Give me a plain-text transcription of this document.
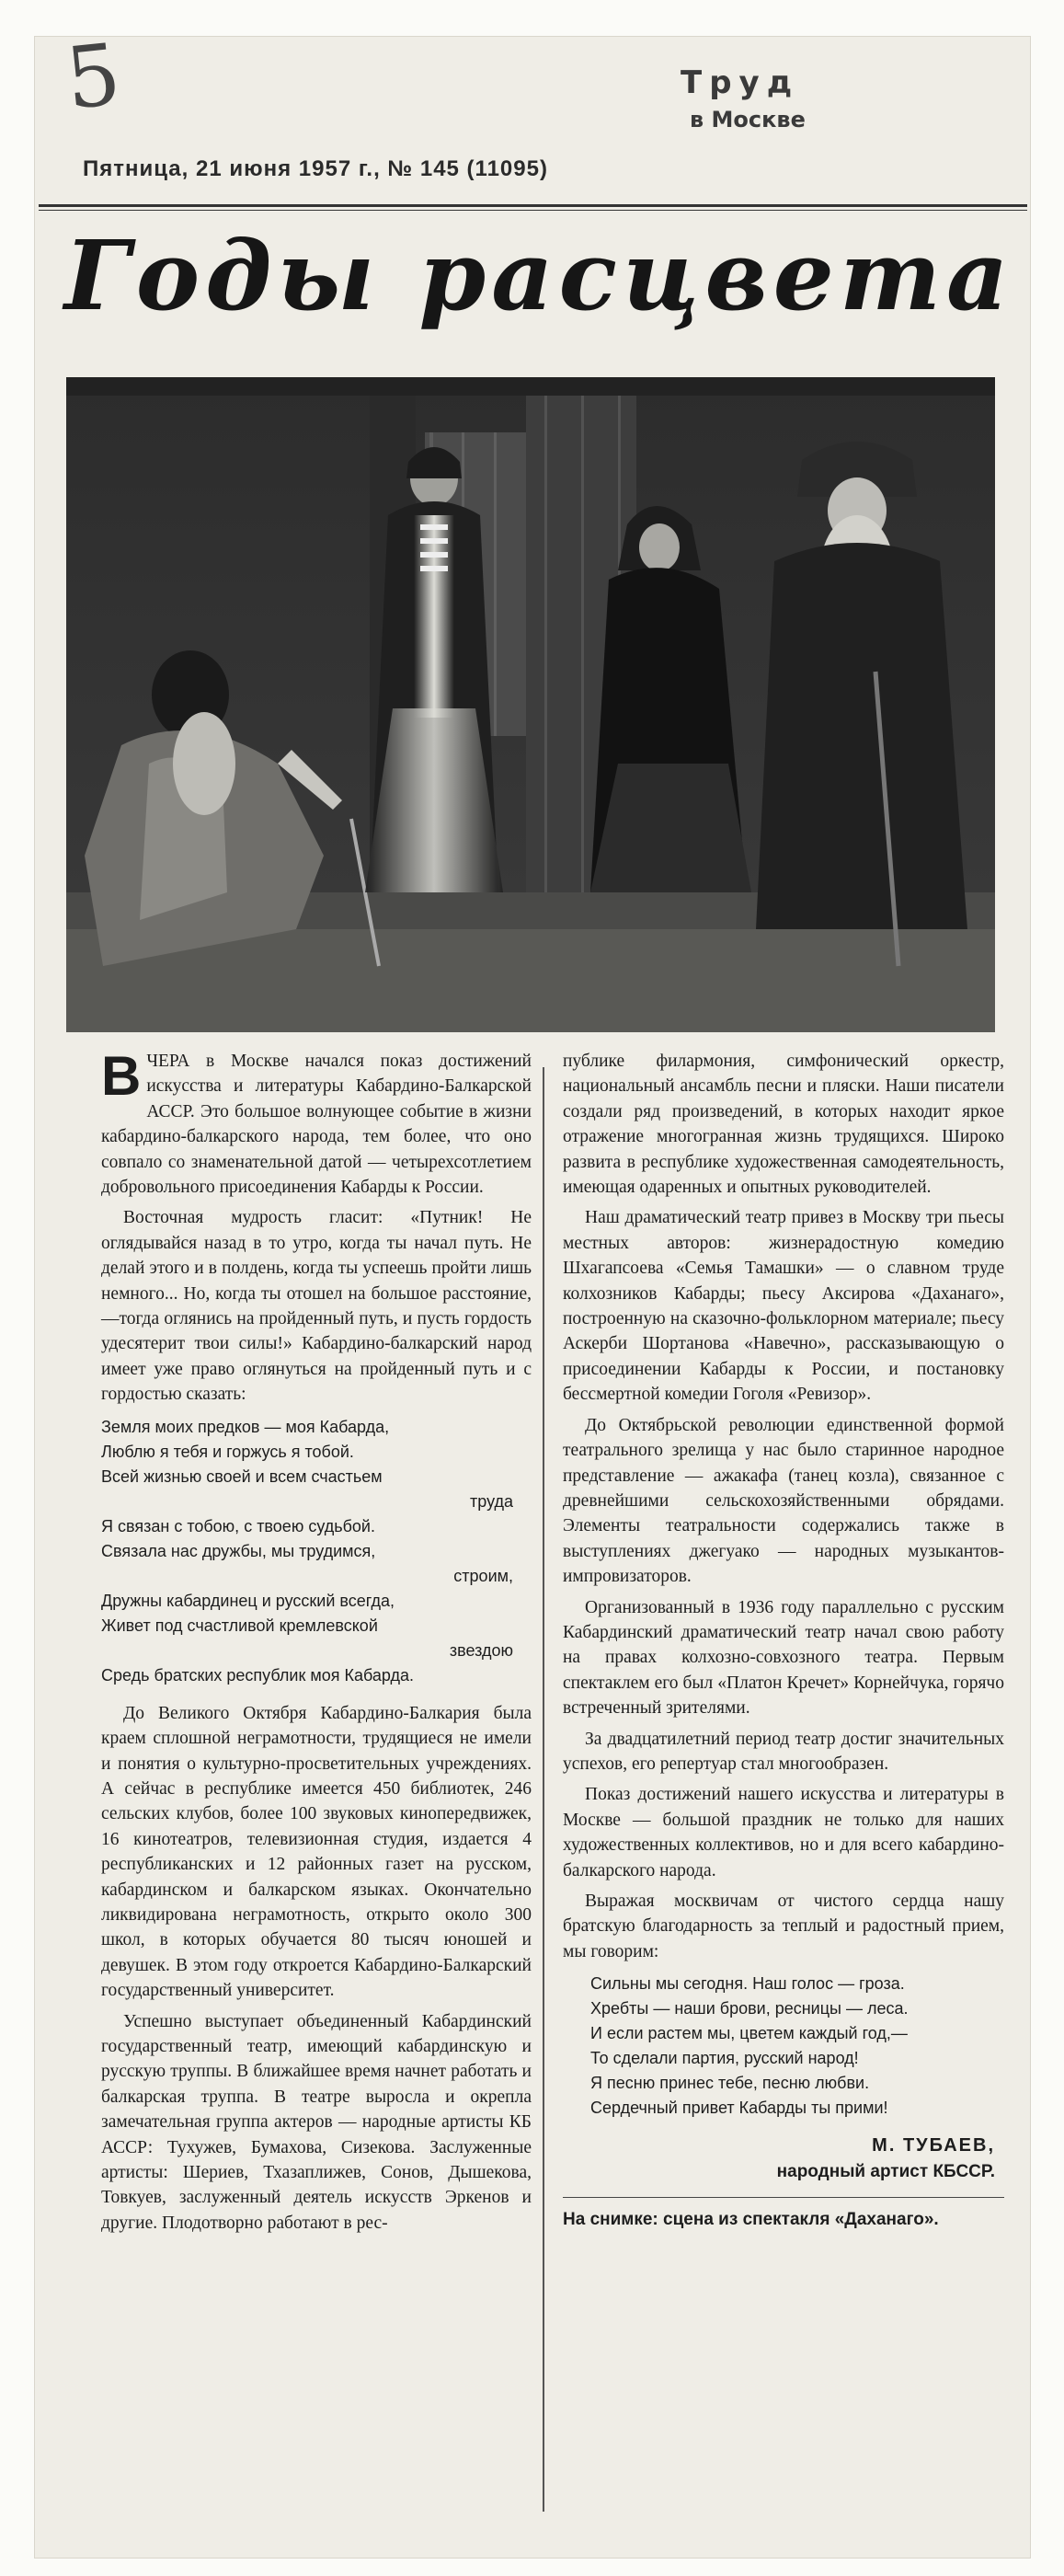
5	Труд
в Москве
Пятница, 21 июня 1957 г., № 145 (11095)
Годы расцвета

ВЧЕРА в Москве начался показ достижений искусства и литературы Кабардино-Балкарской АССР. Это большое волнующее событие в жизни кабардино-балкарского народа, тем более, что оно совпало со знаменательной датой — четырехсотлетием добровольного присоединения Кабарды к России.

Восточная мудрость гласит: «Путник! Не оглядывайся назад в то утро, когда ты начал путь. Не делай этого и в полдень, когда ты успеешь пройти лишь немного... Но, когда ты отошел на большое расстояние,—тогда оглянись на пройденный путь, и пусть гордость удесятерит твои силы!» Кабардино-балкарский народ имеет уже право оглянуться на пройденный путь и с гордостью сказать:

Земля моих предков — моя Кабарда,
Люблю я тебя и горжусь я тобой.
Всей жизнью своей и всем счастьем
труда
Я связан с тобою, с твоею судьбой.
Связала нас дружбы, мы трудимся,
строим,
Дружны кабардинец и русский всегда,
Живет под счастливой кремлевской
звездою
Средь братских республик моя Кабарда.

До Великого Октября Кабардино-Балкария была краем сплошной неграмотности, трудящиеся не имели и понятия о культурно-просветительных учреждениях. А сейчас в республике имеется 450 библиотек, 246 сельских клубов, более 100 звуковых кинопередвижек, 16 кинотеатров, телевизионная студия, издается 4 республиканских и 12 районных газет на русском, кабардинском и балкарском языках. Окончательно ликвидирована неграмотность, открыто около 300 школ, в которых обучается 80 тысяч юношей и девушек. В этом году откроется Кабардино-Балкарский государственный университет.

Успешно выступает объединенный Кабардинский государственный театр, имеющий кабардинскую и русскую труппы. В ближайшее время начнет работать и балкарская труппа. В театре выросла и окрепла замечательная группа актеров — народные артисты КБ АССР: Тухужев, Бумахова, Сизекова. Заслуженные артисты: Шериев, Тхазаплижев, Сонов, Дышекова, Товкуев, заслуженный деятель искусств Эркенов и другие. Плодотворно работают в рес-

публике филармония, симфонический оркестр, национальный ансамбль песни и пляски. Наши писатели создали ряд произведений, в которых находит яркое отражение многогранная жизнь трудящихся. Широко развита в республике художественная самодеятельность, имеющая одаренных и опытных руководителей.

Наш драматический театр привез в Москву три пьесы местных авторов: жизнерадостную комедию Шхагапсоева «Семья Тамашки» — о славном труде колхозников Кабарды; пьесу Аксирова «Даханаго», построенную на сказочно-фольклорном материале; пьесу Аскерби Шортанова «Навечно», рассказывающую о присоединении Кабарды к России, и постановку бессмертной комедии Гоголя «Ревизор».

До Октябрьской революции единственной формой театрального зрелища у нас было старинное народное представление — ажакафа (танец козла), связанное с древнейшими сельскохозяйственными обрядами. Элементы театральности содержались также в выступлениях джегуако — народных музыкантов-импровизаторов.

Организованный в 1936 году параллельно с русским Кабардинский драматический театр начал свою работу на правах колхозно-совхозного театра. Первым спектаклем его был «Платон Кречет» Корнейчука, горячо встреченный зрителями.

За двадцатилетний период театр достиг значительных успехов, его репертуар стал многообразен.

Показ достижений нашего искусства и литературы в Москве — большой праздник не только для наших художественных коллективов, но и для всего кабардино-балкарского народа.

Выражая москвичам от чистого сердца нашу братскую благодарность за теплый и радостный прием, мы говорим:

Сильны мы сегодня. Наш голос — гроза.
Хребты — наши брови, ресницы — леса.
И если растем мы, цветем каждый год,—
То сделали партия, русский народ!
Я песню принес тебе, песню любви.
Сердечный привет Кабарды ты прими!
М. ТУБАЕВ,
народный артист КБССР.

На снимке: сцена из спектакля «Даханаго».
